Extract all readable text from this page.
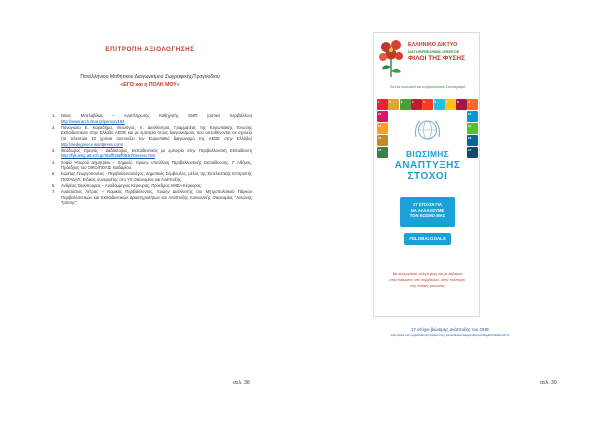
ΕΠΙΤΡΟΠΗ ΑΞΙΟΛΟΓΗΣΗΣ
Πανελλήνιου Μαθητικού Διαγωνισμού Ζωγραφικής/Τραγουδιού
«ΕΓΩ και η ΠΟΛΗ ΜΟΥ»
1.	Νίκος Μπελαβίλας – Αναπληρωτής Καθηγητής ΕΜΠ (αστικό περιβάλλον) http://www.arch.ntua.gr/person/184
2.	Παναγιώτα Ε. Καραδήμα, Θεολόγος, π. Διευθύντρια, Γραμματέας της Ευρωπαϊκής Ένωσης Εκπαιδευτικών στην Ελλάδα ΑΕDE και με εμπειρία στους διαγωνισμούς που απευθύνονται σε σχολεία (τα τελευταία 10 χρόνια συντονίζει τον Ευρωπαϊκό διαγωνισμό της AEDE στην Ελλάδα) http://aedegreece.wordpress.com/
3.	Θεόδωρος Ορεινός - Διϊδάκτορας, Εκπαιδευτικός με εμπειρία στην Περιβαλλοντική Εκπαίδευση http://fykoeng.att.sch.gr/Staff/Staff0930/Oreinos.htm
4.	Σοφία Ψαυρού Δημητρίου – Χημικός, πρώην υπεύθυνη Περιβαλλοντικής Εκπαίδευσης, Γ' Αθήνας, Πρόεδρος του ΟΙΚΟ/ΠΟΛΙΣ Χαϊδαρίου.
5.	Κώστας Γεωργόπουλος - Περιβαλλοντολόγος, Δημοτικός Σύμβουλος, μέλος της Εκτελεστικής Επιτροπής ΠΟΣΥΔΑΠ, Ειδικός συνεργάτης στο Υπ.Οικονομίας και Ανάπτυξης.
6.	Ανδρέας Σκούπουρας – Αναδόμμηρος Κέρκυρας, Πρόεδρος ΑΜΕΑ Κέρκυρας.
7.	Αναστάσιος Λέτρας – Νομικός Περιβάλλοντος, πρώην Διευθυντής του Μητροπολιτικού Πάρκου Περιβαλλοντικών και Εκπαιδευτικών Δραστηριοτήτων και Ανάπτυξης Κοινωνικής Οικονομίας "Αντώνης Τρίτσης".
σελ. 38
ΕΛΛΗΝΙΚΟ ΔΙΚΤΥΟ
NATURFREUNDE-GREECE
ΦΙΛΟΙ ΤΗΣ ΦΥΣΗΣ
Για ένα κοινωνικό και περιβαλλοντικό Συνεταιρισμό
1	2	3	4	5	6	7	8	9
10
11
12
13
14
15
16
17
ΒΙΩΣΙΜΗΣ
ΑΝΑΠΤΥΞΗΣ ΣΤΟΧΟΙ
17 ΣΤΟΧΟΙ ΓΙΑ
ΝΑ ΑΛΛΑΞΟΥΜΕ
ΤΟΝ ΚΟΣΜΟ ΜΑΣ
#GLOBALGOALS
Με συνεργασία, αλληλεγγύη και με σεβασμό
στον άνθρωπο, στο περιβάλλον, στον πολιτισμό,
στις τοπικές κοινωνίες
17 στόχοι βιώσιμης ανάπτυξης του ΟΗΕ
https://www.unric.org/el/index.php?option=com_content&view=category&layout=blog&id=43&Itemid=71
σελ. 39
